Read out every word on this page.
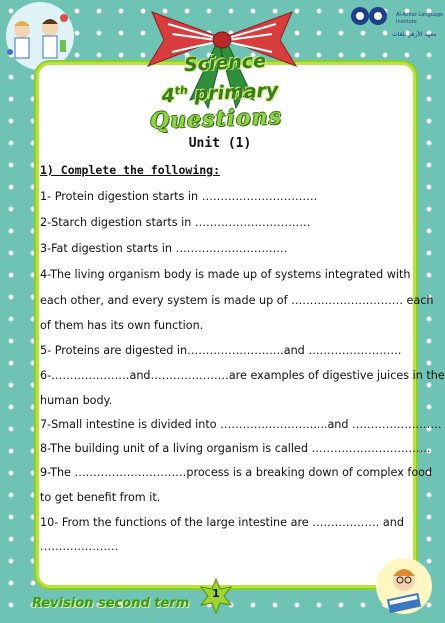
Al-Azhar Language
Institute
معهد الأزهر للغات
Science
4th primary
Questions
Unit (1)
1) Complete the following:
1- Protein digestion starts in ………………………….
2-Starch digestion starts in ………………………….
3-Fat digestion starts in …………………………
4-The living organism body is made up of systems integrated with
each other, and every system is made up of ………………………… each
of them has its own function.
5- Proteins are digested in……………………..and …………………….
6-…………………and…………………are examples of digestive juices in the
human body.
7-Small intestine is divided into …………………….....and ……………………
8-The building unit of a living organism is called …………………………..
9-The …………………………process is a breaking down of complex food
to get benefit from it.
10- From the functions of the large intestine are ……………… and
…………………
1
Revision second term
